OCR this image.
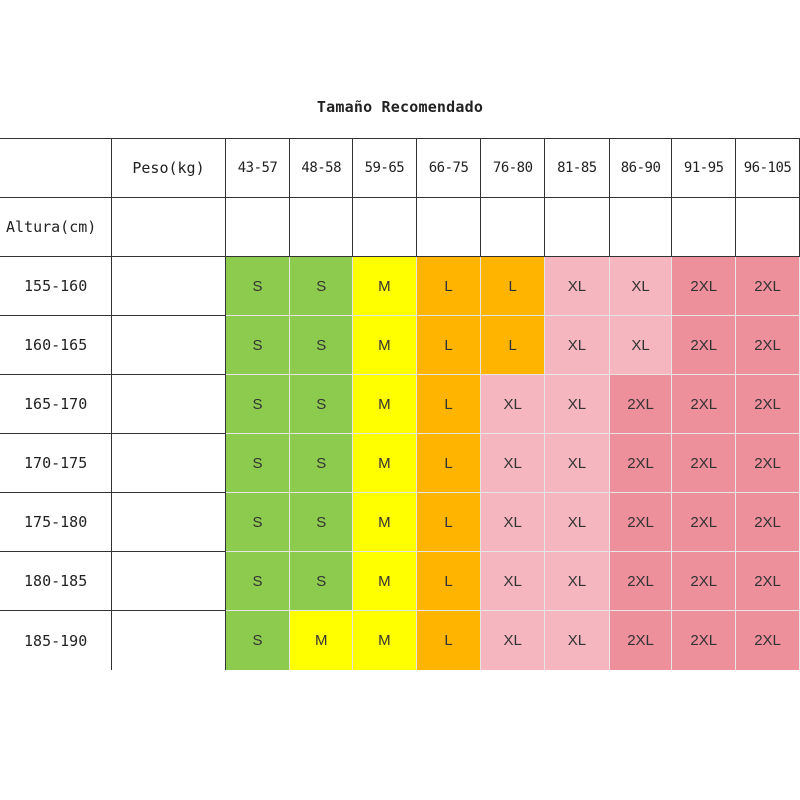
Tamaño Recomendado
	Peso(kg)	43-57	48-58	59-65	66-75	76-80	81-85	86-90	91-95	96-105
Altura(cm)										
155-160		S	S	M	L	L	XL	XL	2XL	2XL
160-165		S	S	M	L	L	XL	XL	2XL	2XL
165-170		S	S	M	L	XL	XL	2XL	2XL	2XL
170-175		S	S	M	L	XL	XL	2XL	2XL	2XL
175-180		S	S	M	L	XL	XL	2XL	2XL	2XL
180-185		S	S	M	L	XL	XL	2XL	2XL	2XL
185-190		S	M	M	L	XL	XL	2XL	2XL	2XL
